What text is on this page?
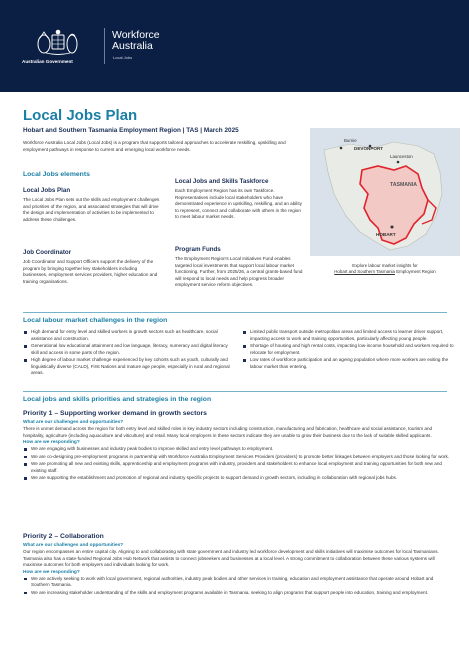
Australian Government
Workforce
Australia
Local Jobs
Local Jobs Plan
Hobart and Southern Tasmania Employment Region | TAS | March 2025
Workforce Australia Local Jobs (Local Jobs) is a program that supports tailored approaches to accelerate reskilling, upskilling and employment pathways in response to current and emerging local workforce needs.
Local Jobs elements
Local Jobs Plan

The Local Jobs Plan sets out the skills and employment challenges and priorities of the region, and associated strategies that will drive the design and implementation of activities to be implemented to address these challenges.

Job Coordinator

Job Coordinator and Support Officers support the delivery of the program by bringing together key stakeholders including businesses, employment services providers, higher education and training organisations.

Local Jobs and Skills Taskforce

Each Employment Region has its own Taskforce. Representatives include local stakeholders who have demonstrated experience in upskilling, reskilling, and an ability to represent, connect and collaborate with others in the region to meet labour market needs.

Program Funds

The Employment Region's Local Initiatives Fund enables targeted local investments that support local labour market functioning. Further, from 2025/26, a central grants-based fund will respond to local needs and help progress broader employment service reform objectives.

Burnie
DEVONPORT
Launceston
TASMANIA
HOBART
Explore labour market insights for
Hobart and Southern Tasmania Employment Region
Local labour market challenges in the region
High demand for entry level and skilled workers in growth sectors such as healthcare, social assistance and construction.
Generational low educational attainment and low language, literacy, numeracy and digital literacy skill and access in some parts of the region.
High degree of labour market challenge experienced by key cohorts such as youth, culturally and linguistically diverse (CALD), First Nations and mature age people, especially in rural and regional areas.
Limited public transport outside metropolitan areas and limited access to learner driver support, impacting access to work and training opportunities, particularly affecting young people.
Shortage of housing and high rental costs, impacting low-income household and workers required to relocate for employment.
Low rates of workforce participation and an ageing population where more workers are exiting the labour market than entering.
Local jobs and skills priorities and strategies in the region
Priority 1 – Supporting worker demand in growth sectors
What are our challenges and opportunities?

There is unmet demand across the region for both entry level and skilled roles in key industry sectors including construction, manufacturing and fabrication, healthcare and social assistance, tourism and hospitality, agriculture (including aquaculture and viticulture) and retail. Many local employers in these sectors indicate they are unable to grow their business due to the lack of suitable skilled applicants.

How are we responding?
We are engaging with businesses and industry peak bodies to improve skilled and entry level pathways to employment.
We are co-designing pre-employment programs in partnership with Workforce Australia Employment Services Providers (providers) to promote better linkages between employers and those looking for work.
We are promoting all new and existing skills, apprenticeship and employment programs with industry, providers and stakeholders to enhance local employment and training opportunities for both new and existing staff.
We are supporting the establishment and promotion of regional and industry specific projects to support demand in growth sectors, including in collaboration with regional jobs hubs.
Priority 2 – Collaboration
What are our challenges and opportunities?

Our region encompasses an entire capital city. Aligning to and collaborating with state government and industry led workforce development and skills initiatives will maximise outcomes for local Tasmanians. Tasmania also has a state-funded Regional Jobs Hub Network that assists to connect jobseekers and businesses at a local level. A strong commitment to collaboration between these various systems will maximise outcomes for both employers and individuals looking for work.

How are we responding?
We are actively seeking to work with local government, regional authorities, industry peak bodies and other services in training, education and employment assistance that operate around Hobart and Southern Tasmania.
We are increasing stakeholder understanding of the skills and employment programs available in Tasmania, seeking to align programs that support people into education, training and employment.
